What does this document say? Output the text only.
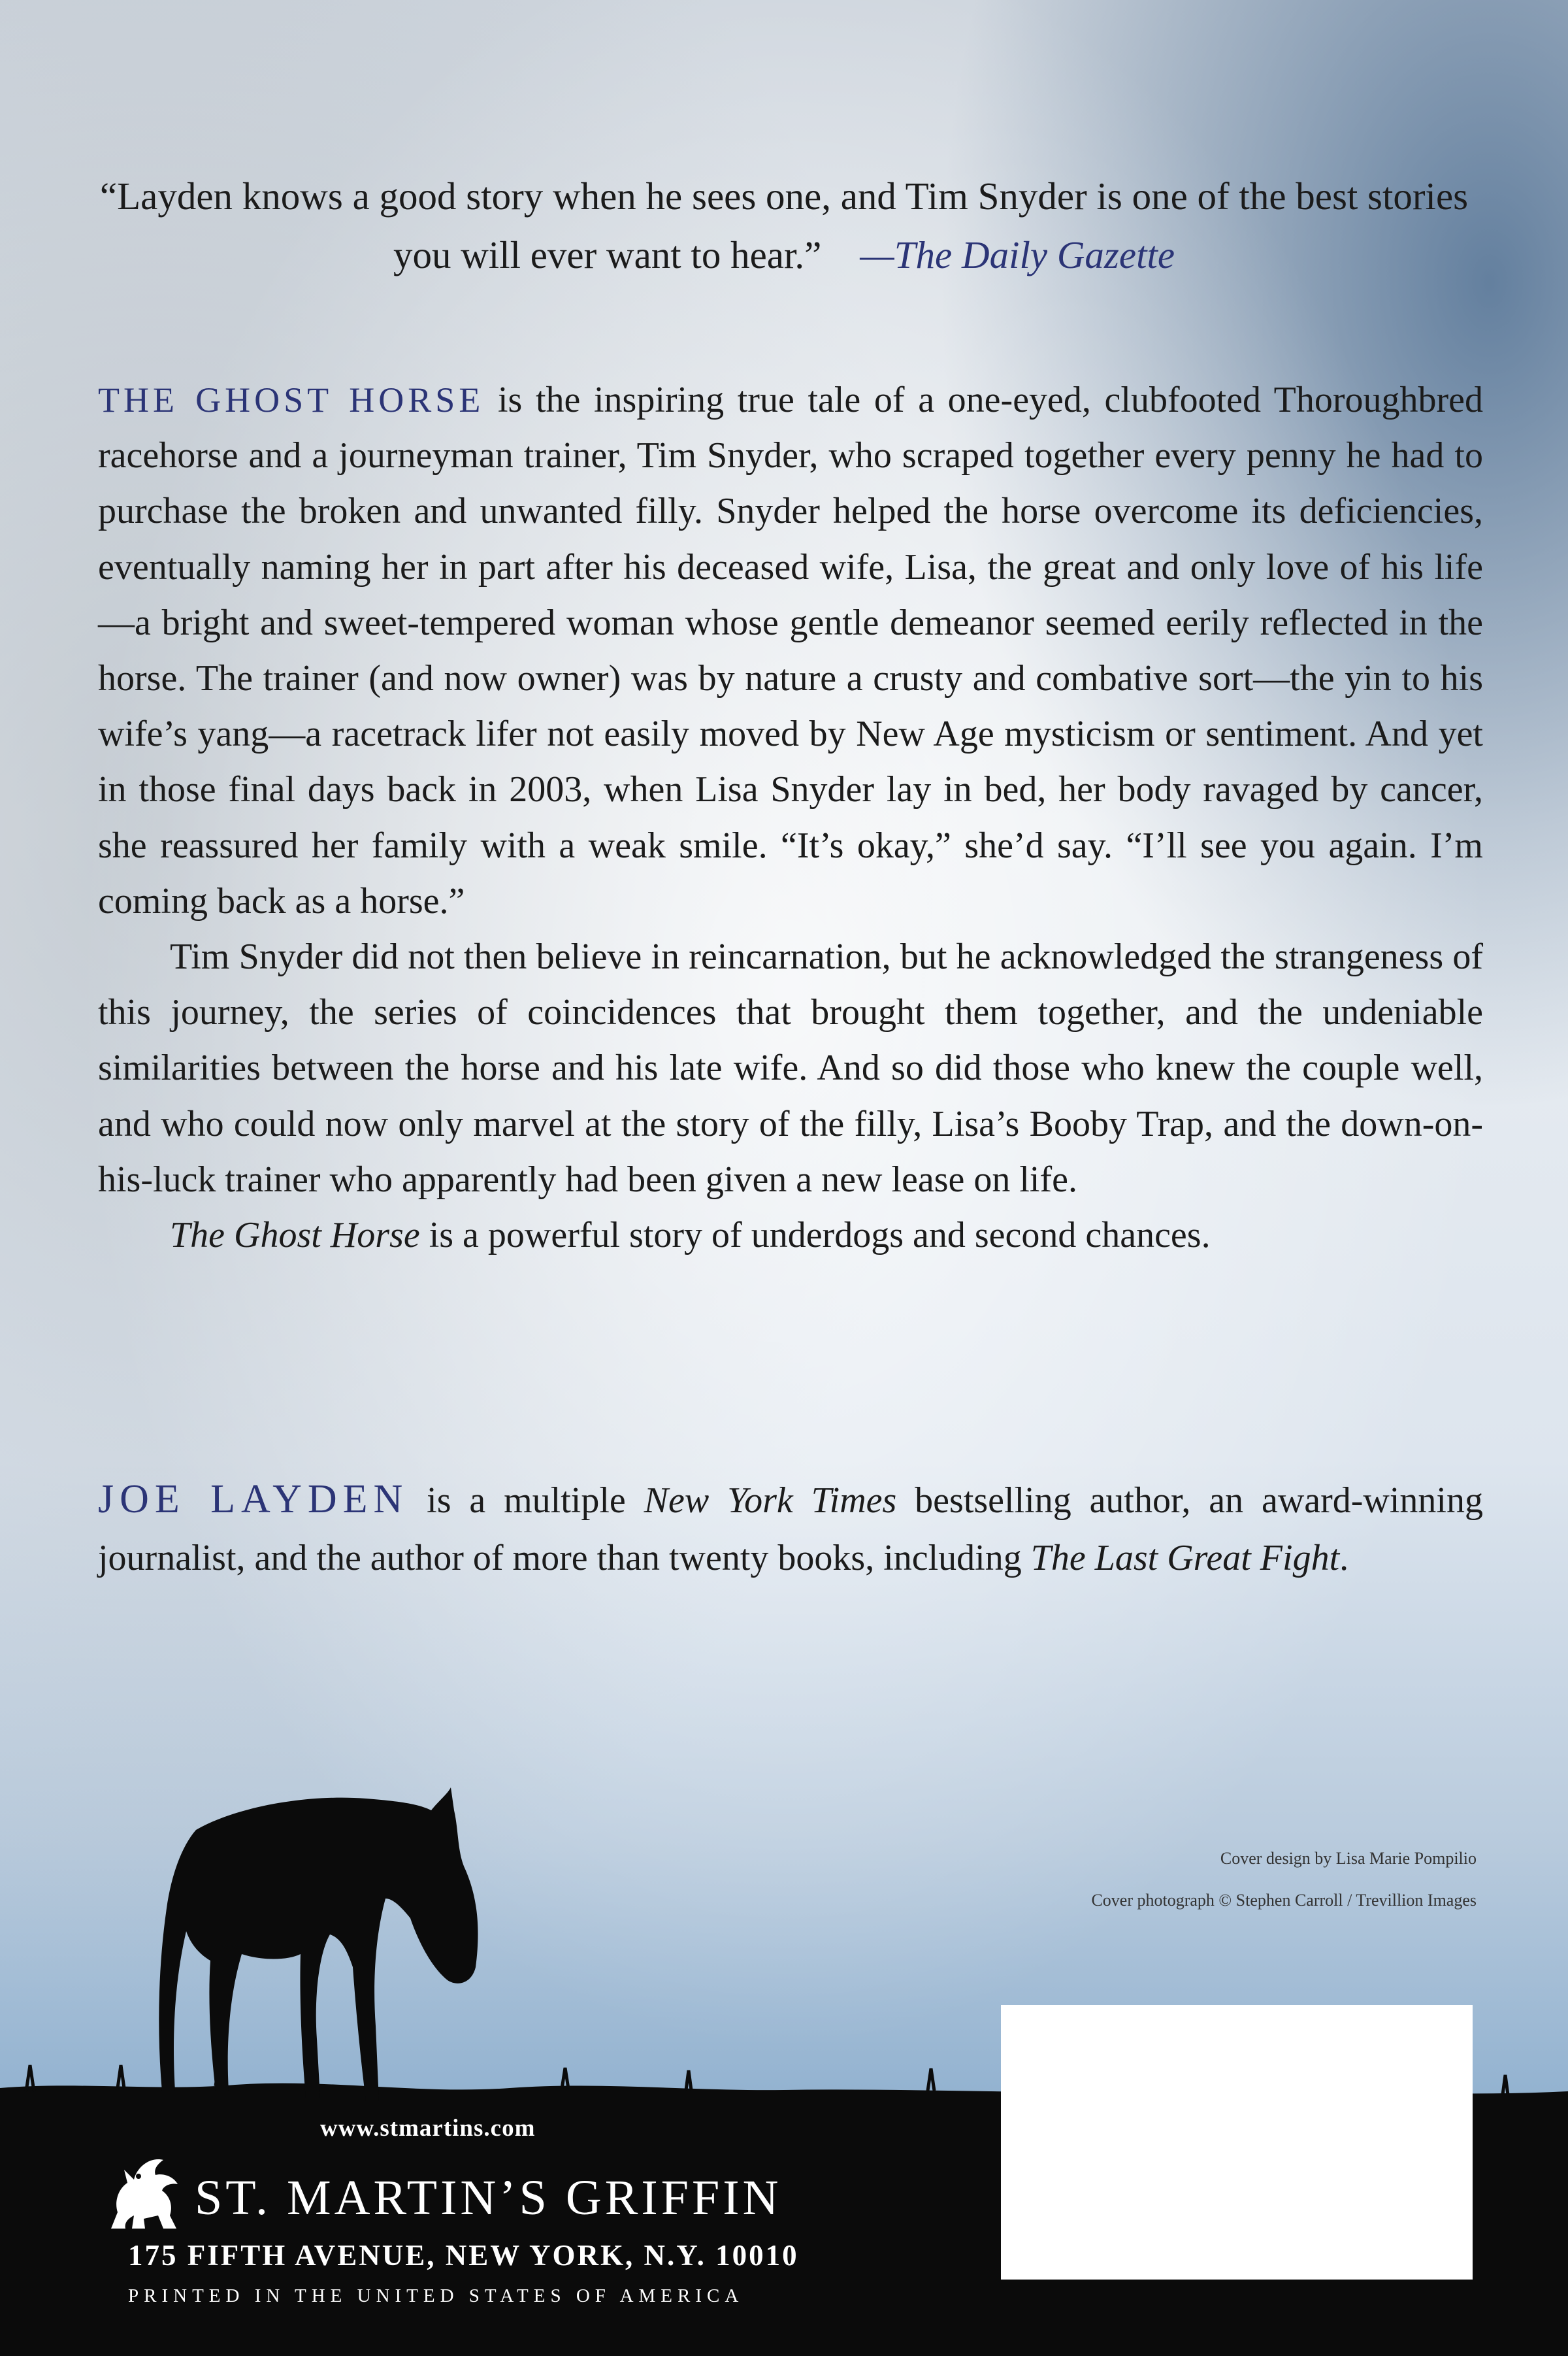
“Layden knows a good story when he sees one, and Tim Snyder is one of the best stories you will ever want to hear.” —The Daily Gazette

THE GHOST HORSE is the inspiring true tale of a one-eyed, clubfooted Thoroughbred racehorse and a journeyman trainer, Tim Snyder, who scraped together every penny he had to purchase the broken and unwanted filly. Snyder helped the horse overcome its deficiencies, eventually naming her in part after his deceased wife, Lisa, the great and only love of his life—a bright and sweet-tempered woman whose gentle demeanor seemed eerily reflected in the horse. The trainer (and now owner) was by nature a crusty and combative sort—the yin to his wife’s yang—a racetrack lifer not easily moved by New Age mysticism or sentiment. And yet in those final days back in 2003, when Lisa Snyder lay in bed, her body ravaged by cancer, she reassured her family with a weak smile. “It’s okay,” she’d say. “I’ll see you again. I’m coming back as a horse.”

Tim Snyder did not then believe in reincarnation, but he acknowledged the strangeness of this journey, the series of coincidences that brought them together, and the undeniable similarities between the horse and his late wife. And so did those who knew the couple well, and who could now only marvel at the story of the filly, Lisa’s Booby Trap, and the down-on-his-luck trainer who apparently had been given a new lease on life.

The Ghost Horse is a powerful story of underdogs and second chances.

JOE LAYDEN is a multiple New York Times bestselling author, an award-winning journalist, and the author of more than twenty books, including The Last Great Fight.

Cover design by Lisa Marie Pompilio
Cover photograph © Stephen Carroll / Trevillion Images
www.stmartins.com
ST. MARTIN’S GRIFFIN
175 FIFTH AVENUE, NEW YORK, N.Y. 10010
PRINTED IN THE UNITED STATES OF AMERICA
